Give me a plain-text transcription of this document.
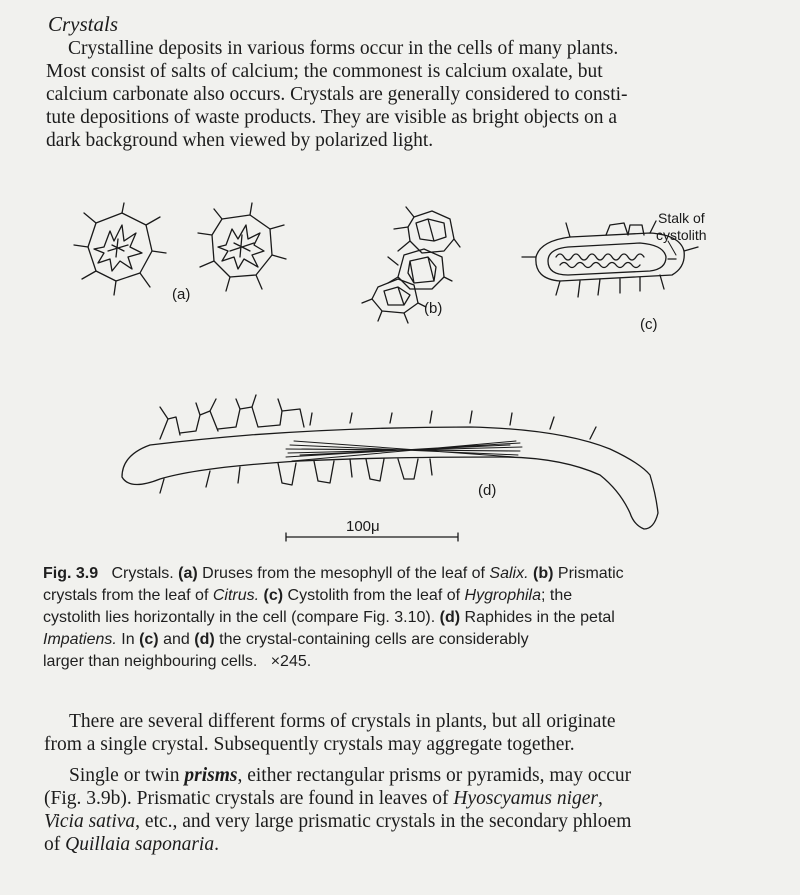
Crystals

Crystalline deposits in various forms occur in the cells of many plants.
Most consist of salts of calcium; the commonest is calcium oxalate, but
calcium carbonate also occurs. Crystals are generally considered to consti-
tute depositions of waste products. They are visible as bright objects on a
dark background when viewed by polarized light.

(a)
(b)
(c)
(d)
Stalk of
cystolith
100μ

Fig. 3.9 Crystals. (a) Druses from the mesophyll of the leaf of Salix. (b) Prismatic
crystals from the leaf of Citrus. (c) Cystolith from the leaf of Hygrophila; the
cystolith lies horizontally in the cell (compare Fig. 3.10). (d) Raphides in the petal
Impatiens. In (c) and (d) the crystal-containing cells are considerably
larger than neighbouring cells. ×245.

There are several different forms of crystals in plants, but all originate
from a single crystal. Subsequently crystals may aggregate together.

Single or twin prisms, either rectangular prisms or pyramids, may occur
(Fig. 3.9b). Prismatic crystals are found in leaves of Hyoscyamus niger,
Vicia sativa, etc., and very large prismatic crystals in the secondary phloem
of Quillaia saponaria.
